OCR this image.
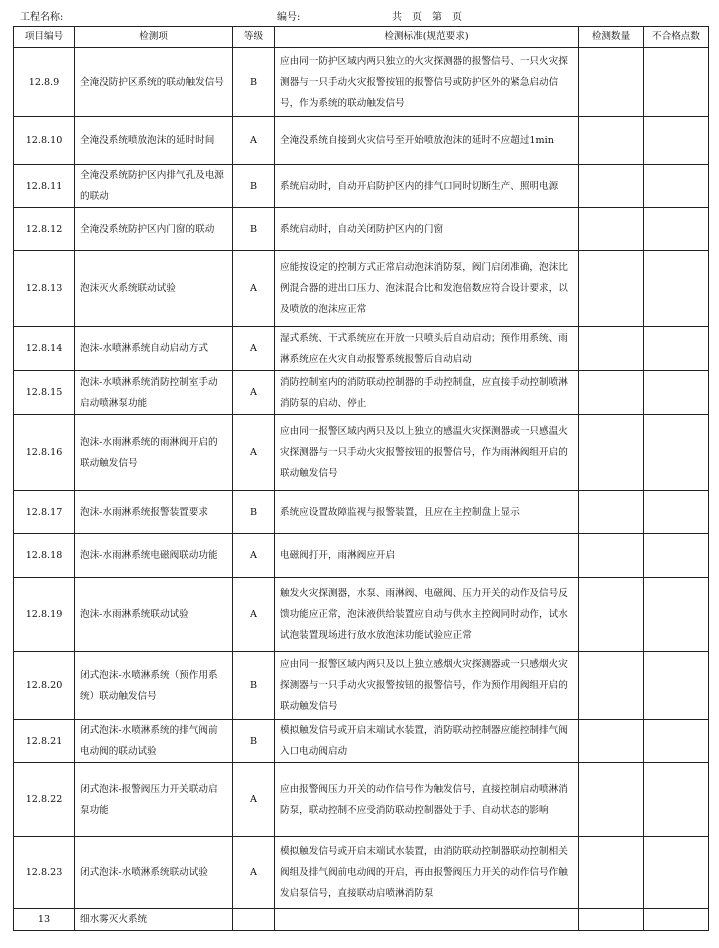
工程名称:	编号:	共　页　第　页
项目编号	检测项	等级	检测标准(规范要求)	检测数量	不合格点数
12.8.9	全淹没防护区系统的联动触发信号	B	应由同一防护区域内两只独立的火灾探测器的报警信号、一只火灾探测器与一只手动火灾报警按钮的报警信号或防护区外的紧急启动信号，作为系统的联动触发信号		
12.8.10	全淹没系统喷放泡沫的延时时间	A	全淹没系统自接到火灾信号至开始喷放泡沫的延时不应超过1min		
12.8.11	全淹没系统防护区内排气孔及电源的联动	B	系统启动时，自动开启防护区内的排气口同时切断生产、照明电源		
12.8.12	全淹没系统防护区内门窗的联动	B	系统启动时，自动关闭防护区内的门窗		
12.8.13	泡沫灭火系统联动试验	A	应能按设定的控制方式正常启动泡沫消防泵，阀门启闭准确，泡沫比例混合器的进出口压力、泡沫混合比和发泡倍数应符合设计要求，以及喷放的泡沫应正常		
12.8.14	泡沫-水喷淋系统自动启动方式	A	湿式系统、干式系统应在开放一只喷头后自动启动；预作用系统、雨淋系统应在火灾自动报警系统报警后自动启动		
12.8.15	泡沫-水喷淋系统消防控制室手动启动喷淋泵功能	A	消防控制室内的消防联动控制器的手动控制盘，应直接手动控制喷淋消防泵的启动、停止		
12.8.16	泡沫-水雨淋系统的雨淋阀开启的联动触发信号	A	应由同一报警区域内两只及以上独立的感温火灾探测器或一只感温火灾探测器与一只手动火灾报警按钮的报警信号，作为雨淋阀组开启的联动触发信号		
12.8.17	泡沫-水雨淋系统报警装置要求	B	系统应设置故障监视与报警装置，且应在主控制盘上显示		
12.8.18	泡沫-水雨淋系统电磁阀联动功能	A	电磁阀打开，雨淋阀应开启		
12.8.19	泡沫-水雨淋系统联动试验	A	触发火灾探测器，水泵、雨淋阀、电磁阀、压力开关的动作及信号反馈功能应正常，泡沫液供给装置应自动与供水主控阀同时动作，试水试泡装置现场进行放水放泡沫功能试验应正常		
12.8.20	闭式泡沫-水喷淋系统（预作用系统）联动触发信号	B	应由同一报警区域内两只及以上独立感烟火灾探测器或一只感烟火灾探测器与一只手动火灾报警按钮的报警信号，作为预作用阀组开启的联动触发信号		
12.8.21	闭式泡沫-水喷淋系统的排气阀前电动阀的联动试验	B	模拟触发信号或开启末端试水装置，消防联动控制器应能控制排气阀入口电动阀启动		
12.8.22	闭式泡沫-报警阀压力开关联动启泵功能	A	应由报警阀压力开关的动作信号作为触发信号，直接控制启动喷淋消防泵，联动控制不应受消防联动控制器处于手、自动状态的影响		
12.8.23	闭式泡沫-水喷淋系统联动试验	A	模拟触发信号或开启末端试水装置，由消防联动控制器联动控制相关阀组及排气阀前电动阀的开启，再由报警阀压力开关的动作信号作触发启泵信号，直接联动启喷淋消防泵		
13	细水雾灭火系统				
